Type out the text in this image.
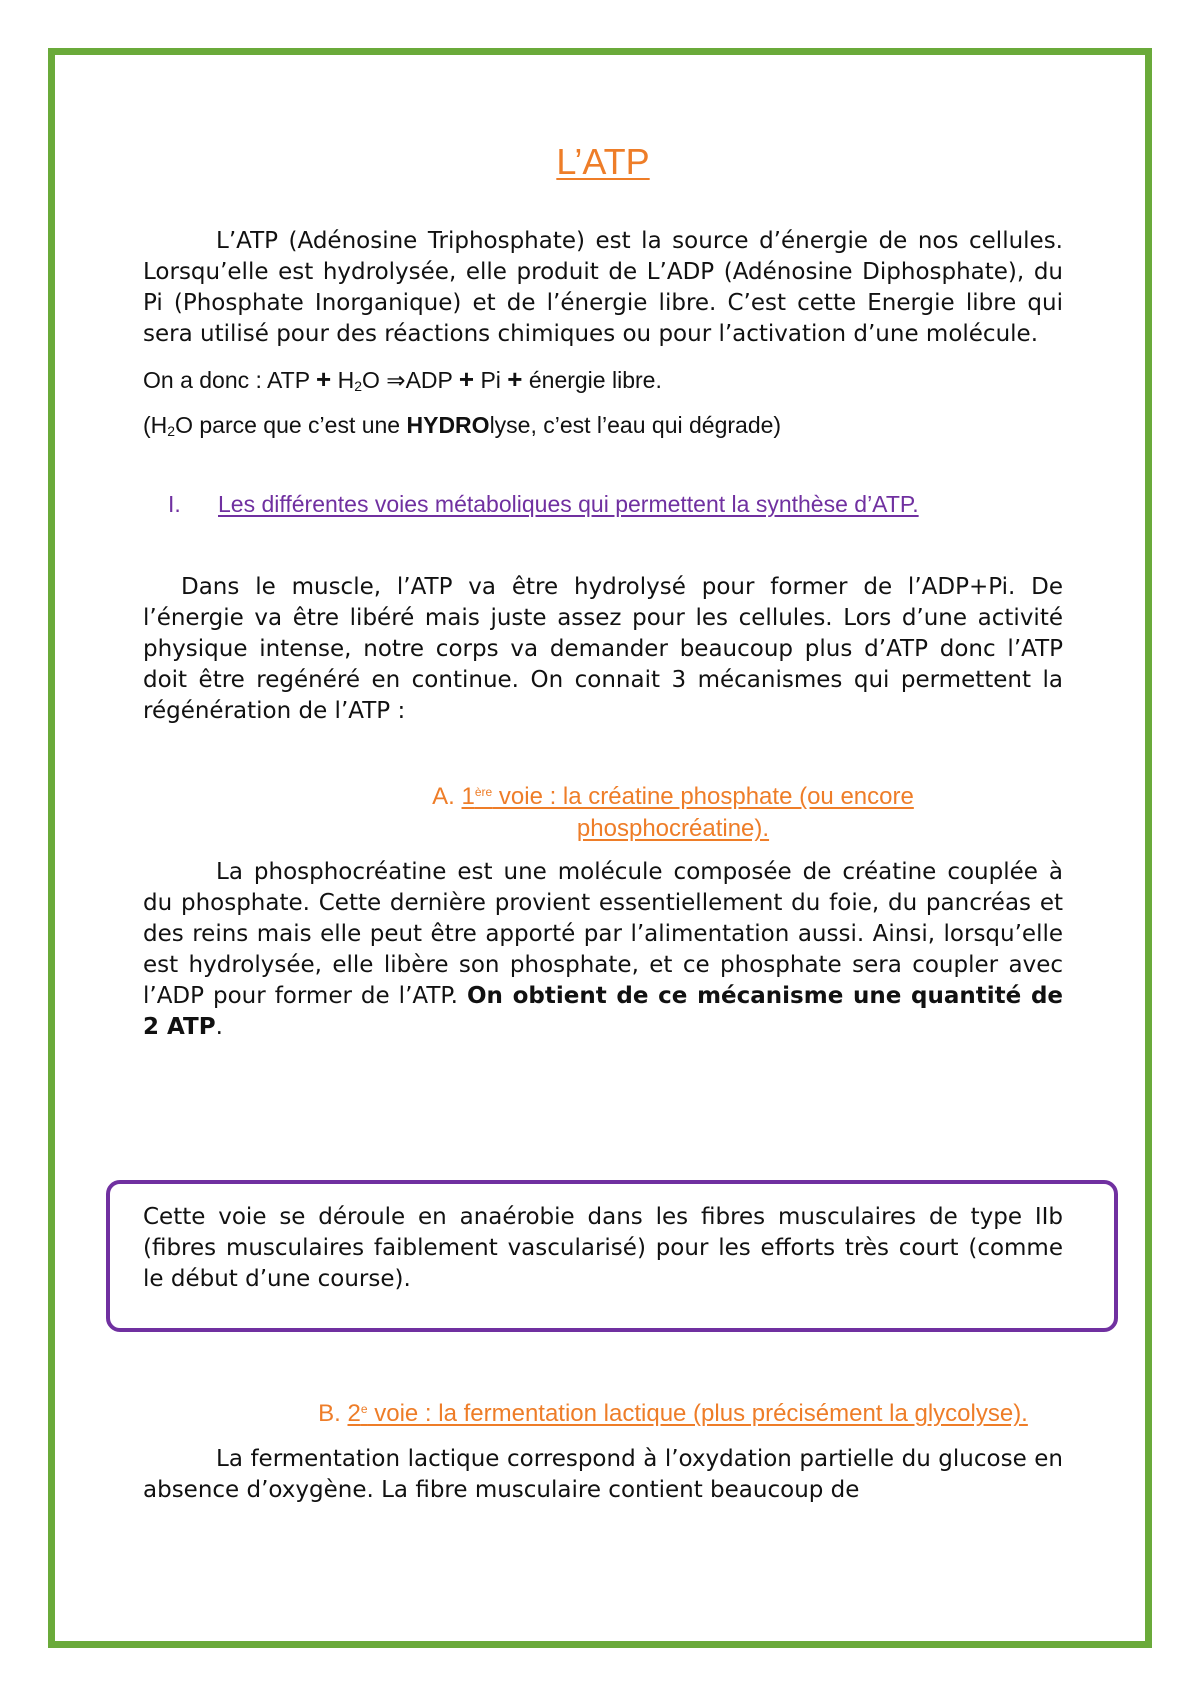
L’ATP

L’ATP (Adénosine Triphosphate) est la source d’énergie de nos cellules. Lorsqu’elle est hydrolysée, elle produit de L’ADP (Adénosine Diphosphate), du Pi (Phosphate Inorganique) et de l’énergie libre. C’est cette Energie libre qui sera utilisé pour des réactions chimiques ou pour l’activation d’une molécule.

On a donc : ATP + $H_2O$ ⇒ADP + Pi + énergie libre.

($H_2O$ parce que c’est une HYDROlyse, c’est l’eau qui dégrade)

I.	Les différentes voies métaboliques qui permettent la synthèse d’ATP.

Dans le muscle, l’ATP va être hydrolysé pour former de l’ADP+Pi. De l’énergie va être libéré mais juste assez pour les cellules. Lors d’une activité physique intense, notre corps va demander beaucoup plus d’ATP donc l’ATP doit être regénéré en continue. On connait 3 mécanismes qui permettent la régénération de l’ATP :

A. 1ère voie : la créatine phosphate (ou encore phosphocréatine).

La phosphocréatine est une molécule composée de créatine couplée à du phosphate. Cette dernière provient essentiellement du foie, du pancréas et des reins mais elle peut être apporté par l’alimentation aussi. Ainsi, lorsqu’elle est hydrolysée, elle libère son phosphate, et ce phosphate sera coupler avec l’ADP pour former de l’ATP. On obtient de ce mécanisme une quantité de 2 ATP.

Cette voie se déroule en anaérobie dans les fibres musculaires de type IIb (fibres musculaires faiblement vascularisé) pour les efforts très court (comme le début d’une course).

B. 2e voie : la fermentation lactique (plus précisément la glycolyse).

La fermentation lactique correspond à l’oxydation partielle du glucose en absence d’oxygène. La fibre musculaire contient beaucoup de
